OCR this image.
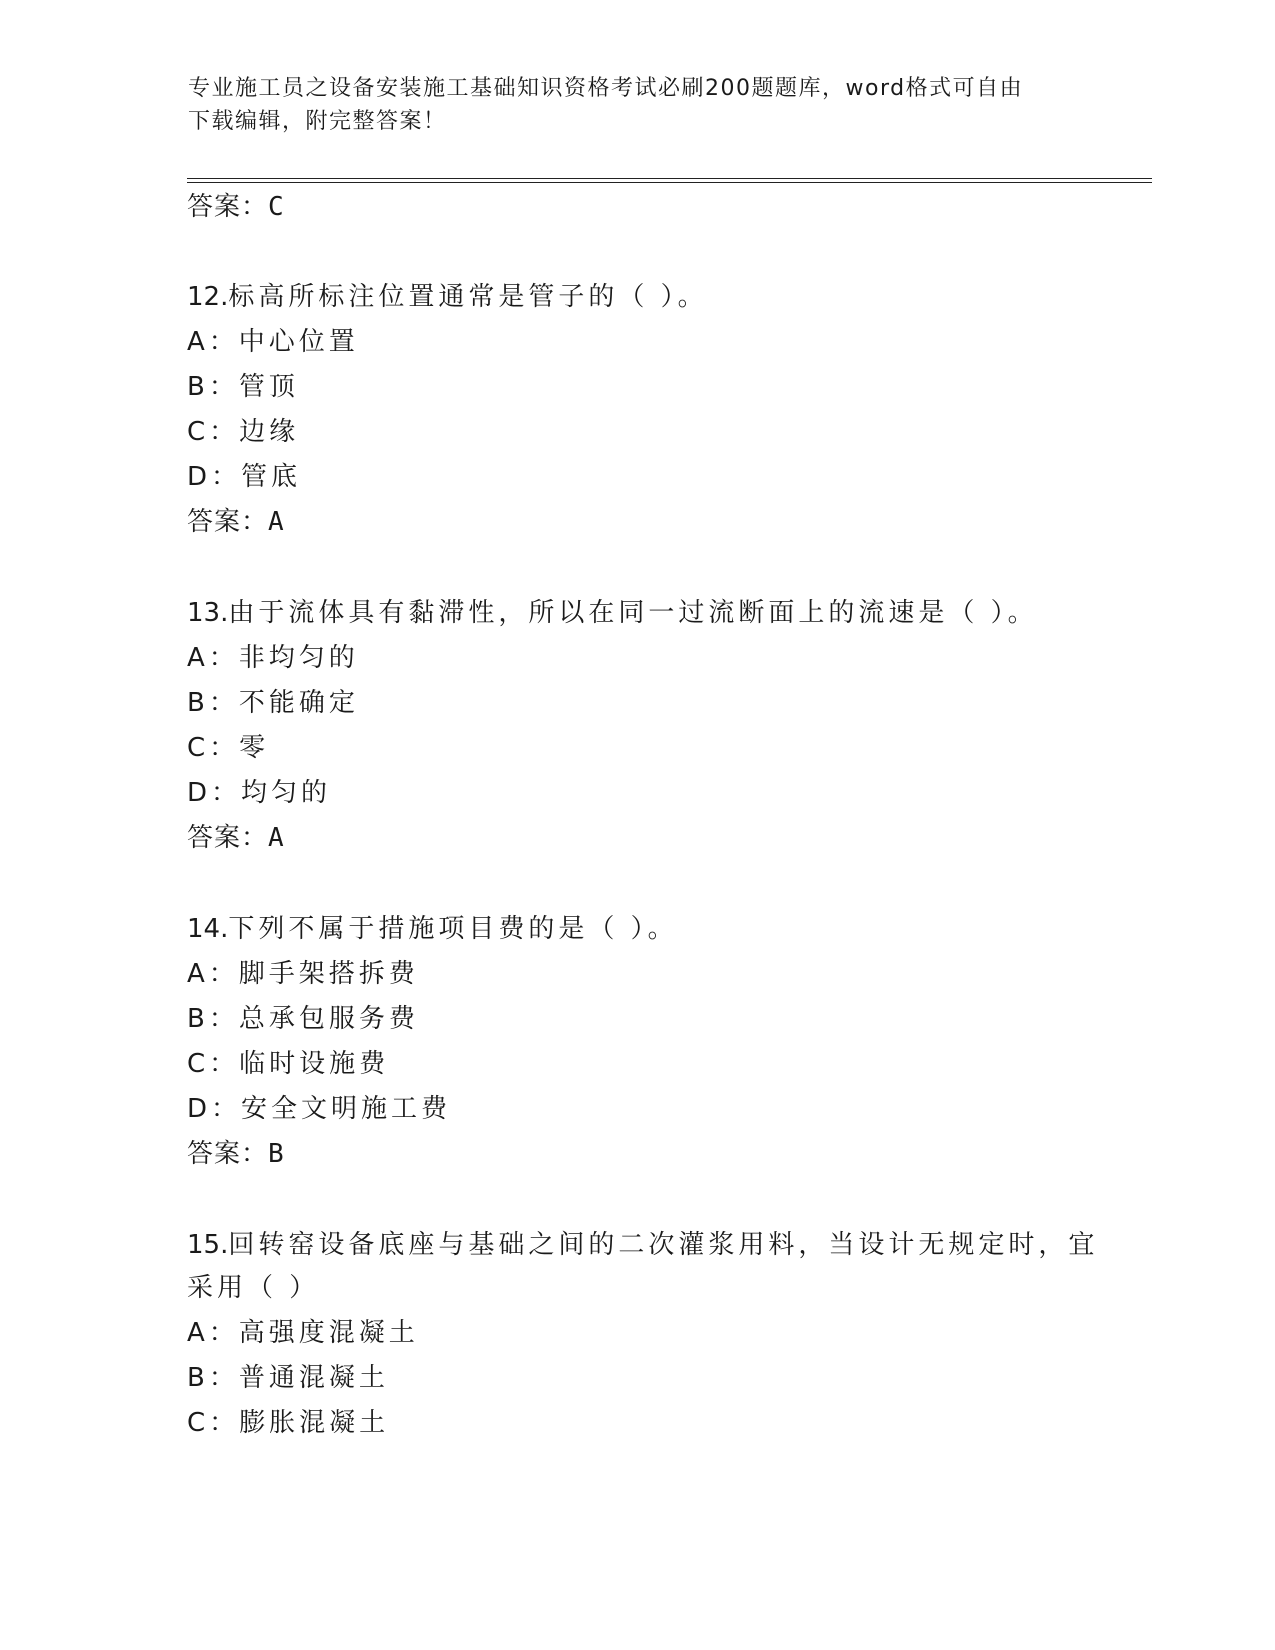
专业施工员之设备安装施工基础知识资格考试必刷200题题库，word格式可自由
下载编辑，附完整答案！
答案：C
12.标高所标注位置通常是管子的（ ）。
A：中心位置
B：管顶
C：边缘
D：管底
答案：A
13.由于流体具有黏滞性，所以在同一过流断面上的流速是（ ）。
A：非均匀的
B：不能确定
C：零
D：均匀的
答案：A
14.下列不属于措施项目费的是（ ）。
A：脚手架搭拆费
B：总承包服务费
C：临时设施费
D：安全文明施工费
答案：B
15.回转窑设备底座与基础之间的二次灌浆用料，当设计无规定时，宜
采用（ ）
A：高强度混凝土
B：普通混凝土
C：膨胀混凝土
